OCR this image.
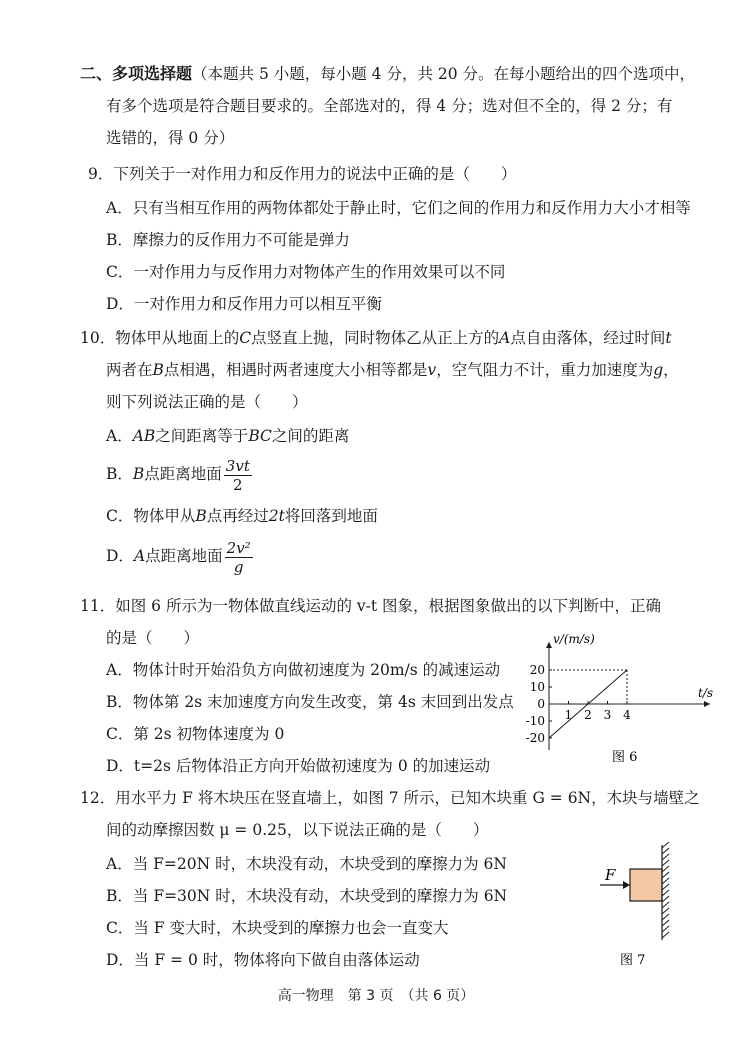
二、多项选择题（本题共 5 小题，每小题 4 分，共 20 分。在每小题给出的四个选项中，
有多个选项是符合题目要求的。全部选对的，得 4 分；选对但不全的，得 2 分；有
选错的，得 0 分）
9．下列关于一对作用力和反作用力的说法中正确的是（　　）
A．只有当相互作用的两物体都处于静止时，它们之间的作用力和反作用力大小才相等
B．摩擦力的反作用力不可能是弹力
C．一对作用力与反作用力对物体产生的作用效果可以不同
D．一对作用力和反作用力可以相互平衡
10．物体甲从地面上的C点竖直上抛，同时物体乙从正上方的A点自由落体，经过时间t
两者在B点相遇，相遇时两者速度大小相等都是v，空气阻力不计，重力加速度为g，
则下列说法正确的是（　　）
A．AB之间距离等于BC之间的距离
B．B点距离地面 $\frac{3vt}{2}$
C．物体甲从B点再经过2t将回落到地面
D．A点距离地面 $\frac{\text{2v²}}{g}$
11．如图 6 所示为一物体做直线运动的 v-t 图象，根据图象做出的以下判断中，正确
的是（　　）
A．物体计时开始沿负方向做初速度为 20m/s 的减速运动
B．物体第 2s 末加速度方向发生改变，第 4s 末回到出发点
C．第 2s 初物体速度为 0
D．t=2s 后物体沿正方向开始做初速度为 0 的加速运动
v/(m/s)
t/s
20
10
0
-10
-20
1 2 3 4
图 6
12．用水平力 F 将木块压在竖直墙上，如图 7 所示，已知木块重 G = 6N，木块与墙壁之
间的动摩擦因数 μ = 0.25，以下说法正确的是（　　）
A．当 F=20N 时，木块没有动，木块受到的摩擦力为 6N
B．当 F=30N 时，木块没有动，木块受到的摩擦力为 6N
C．当 F 变大时，木块受到的摩擦力也会一直变大
D．当 F = 0 时，物体将向下做自由落体运动
F
图 7
高一物理　第 3 页　（共 6 页）
